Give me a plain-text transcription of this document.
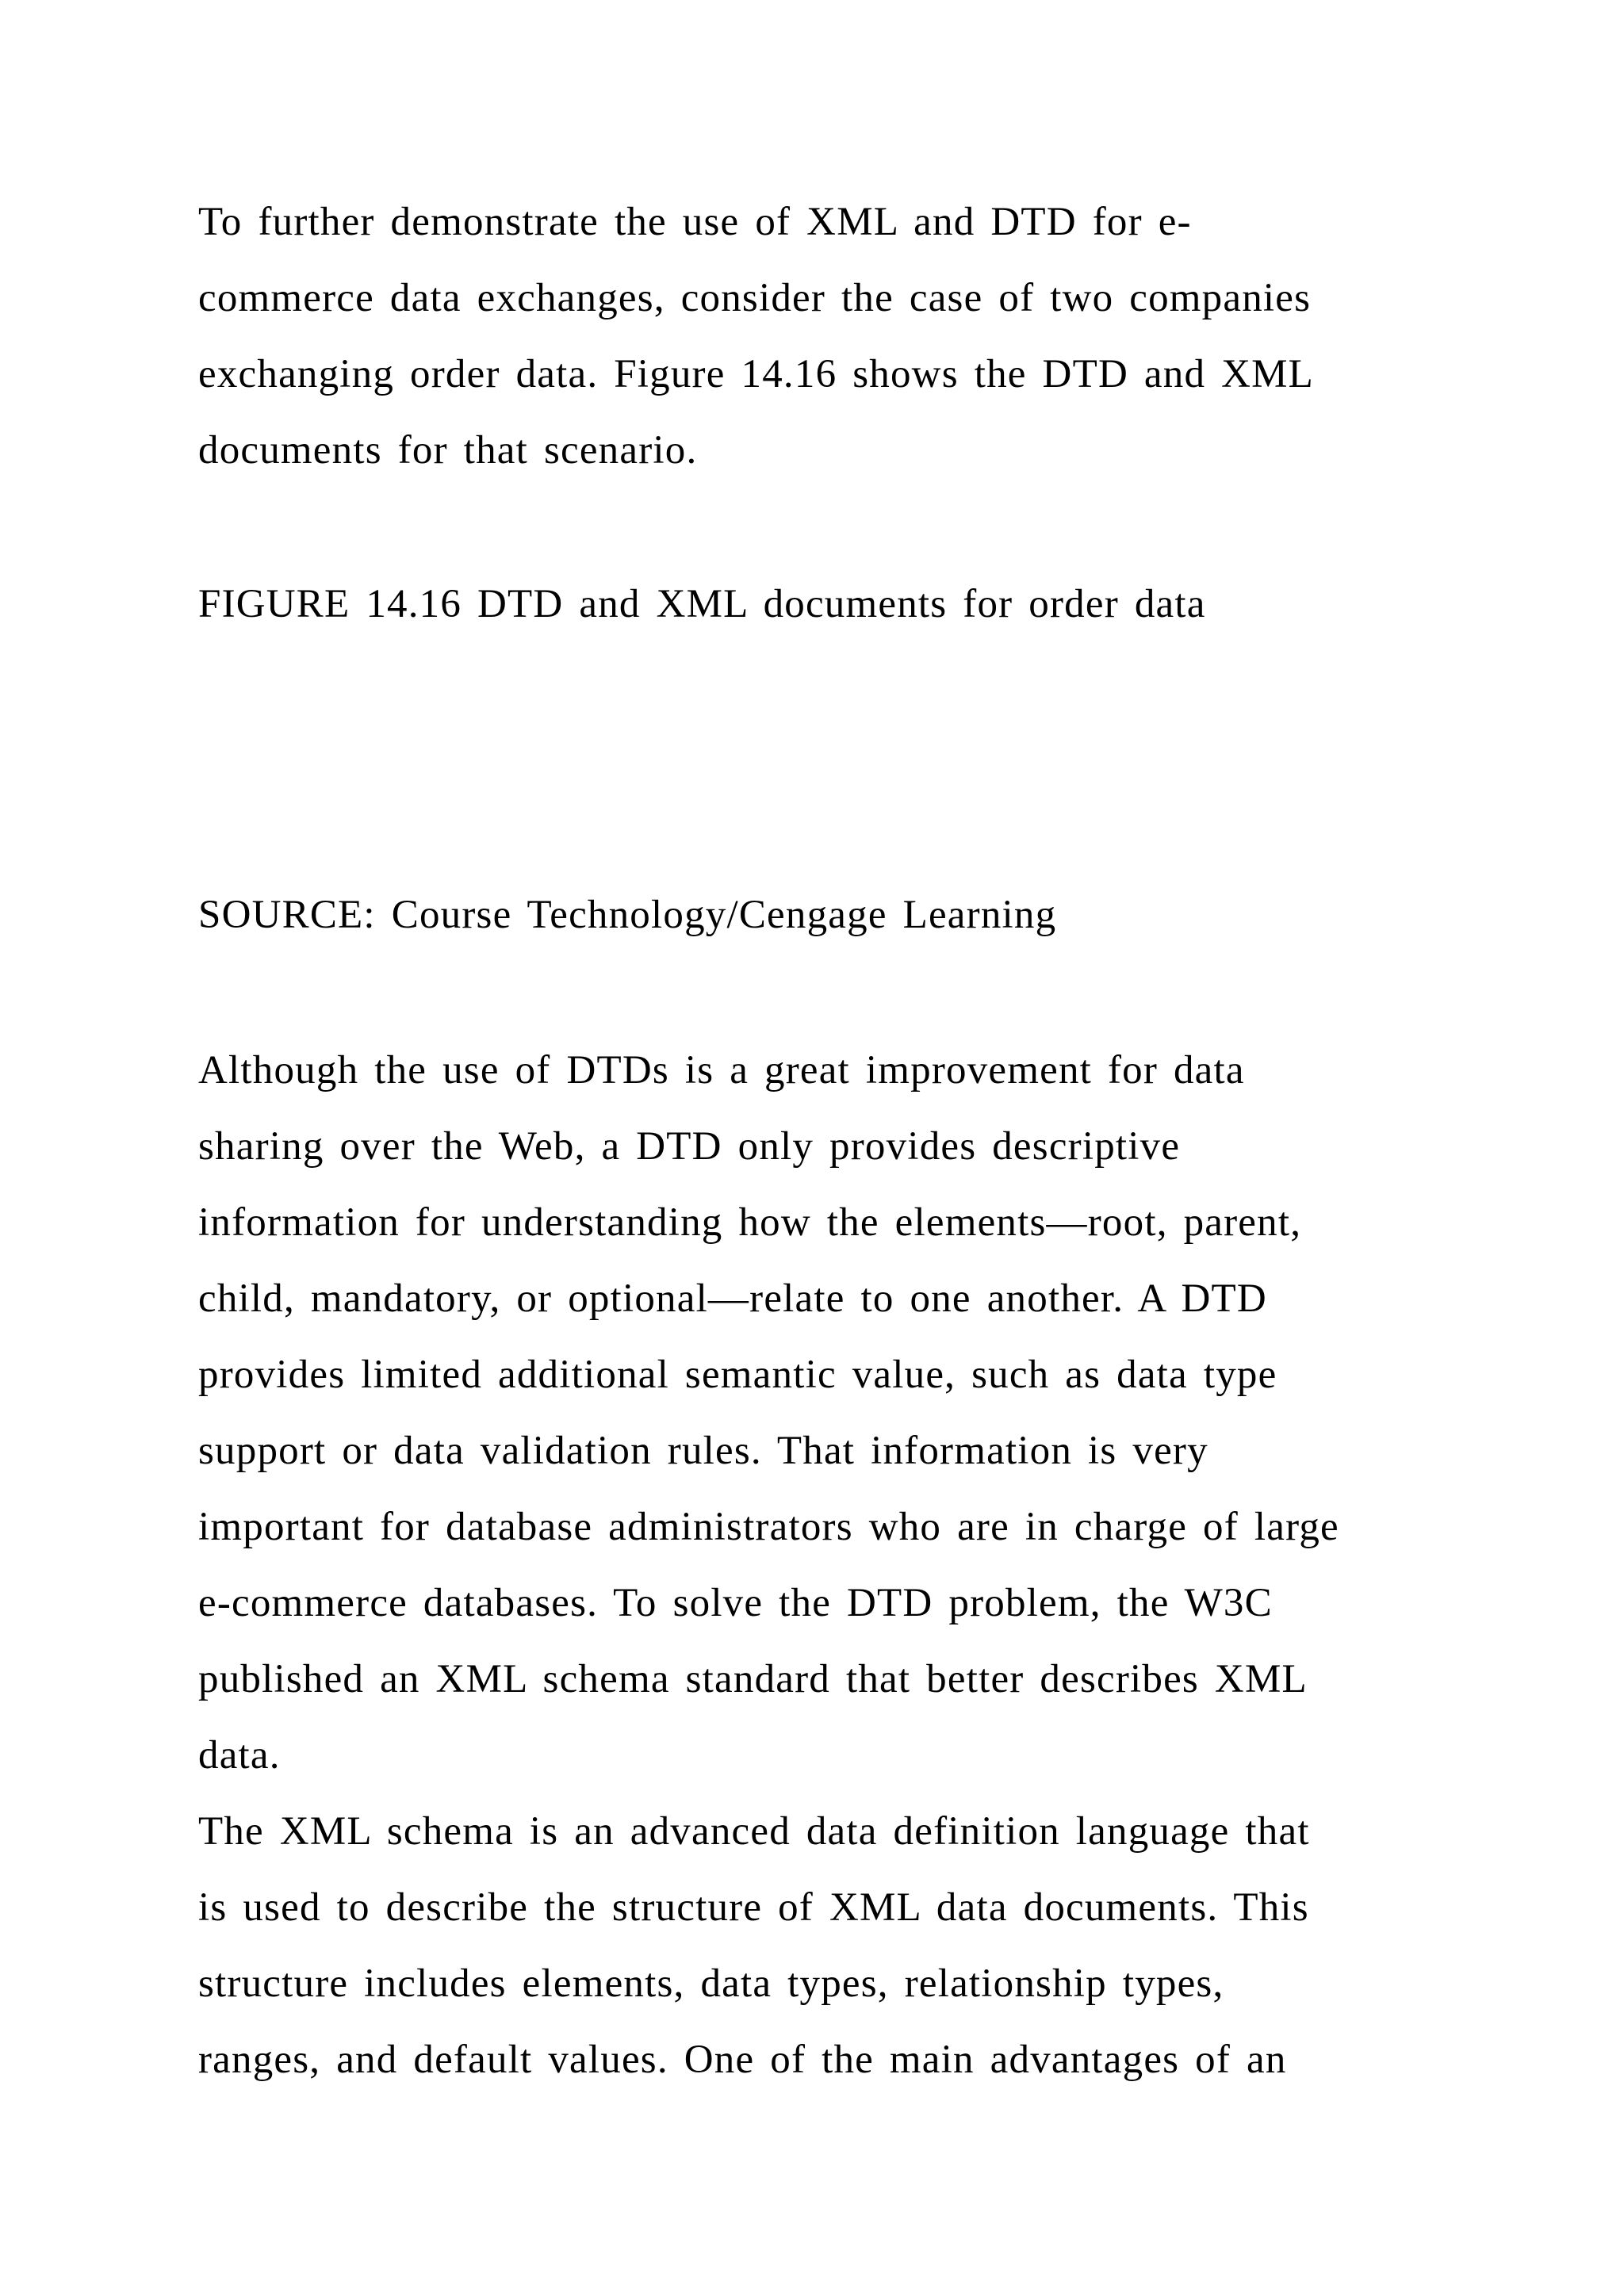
To further demonstrate the use of XML and DTD for e-
commerce data exchanges, consider the case of two companies
exchanging order data. Figure 14.16 shows the DTD and XML
documents for that scenario.
FIGURE 14.16 DTD and XML documents for order data
SOURCE: Course Technology/Cengage Learning
Although the use of DTDs is a great improvement for data
sharing over the Web, a DTD only provides descriptive
information for understanding how the elements—root, parent,
child, mandatory, or optional—relate to one another. A DTD
provides limited additional semantic value, such as data type
support or data validation rules. That information is very
important for database administrators who are in charge of large
e-commerce databases. To solve the DTD problem, the W3C
published an XML schema standard that better describes XML
data.
The XML schema is an advanced data definition language that
is used to describe the structure of XML data documents. This
structure includes elements, data types, relationship types,
ranges, and default values. One of the main advantages of an
